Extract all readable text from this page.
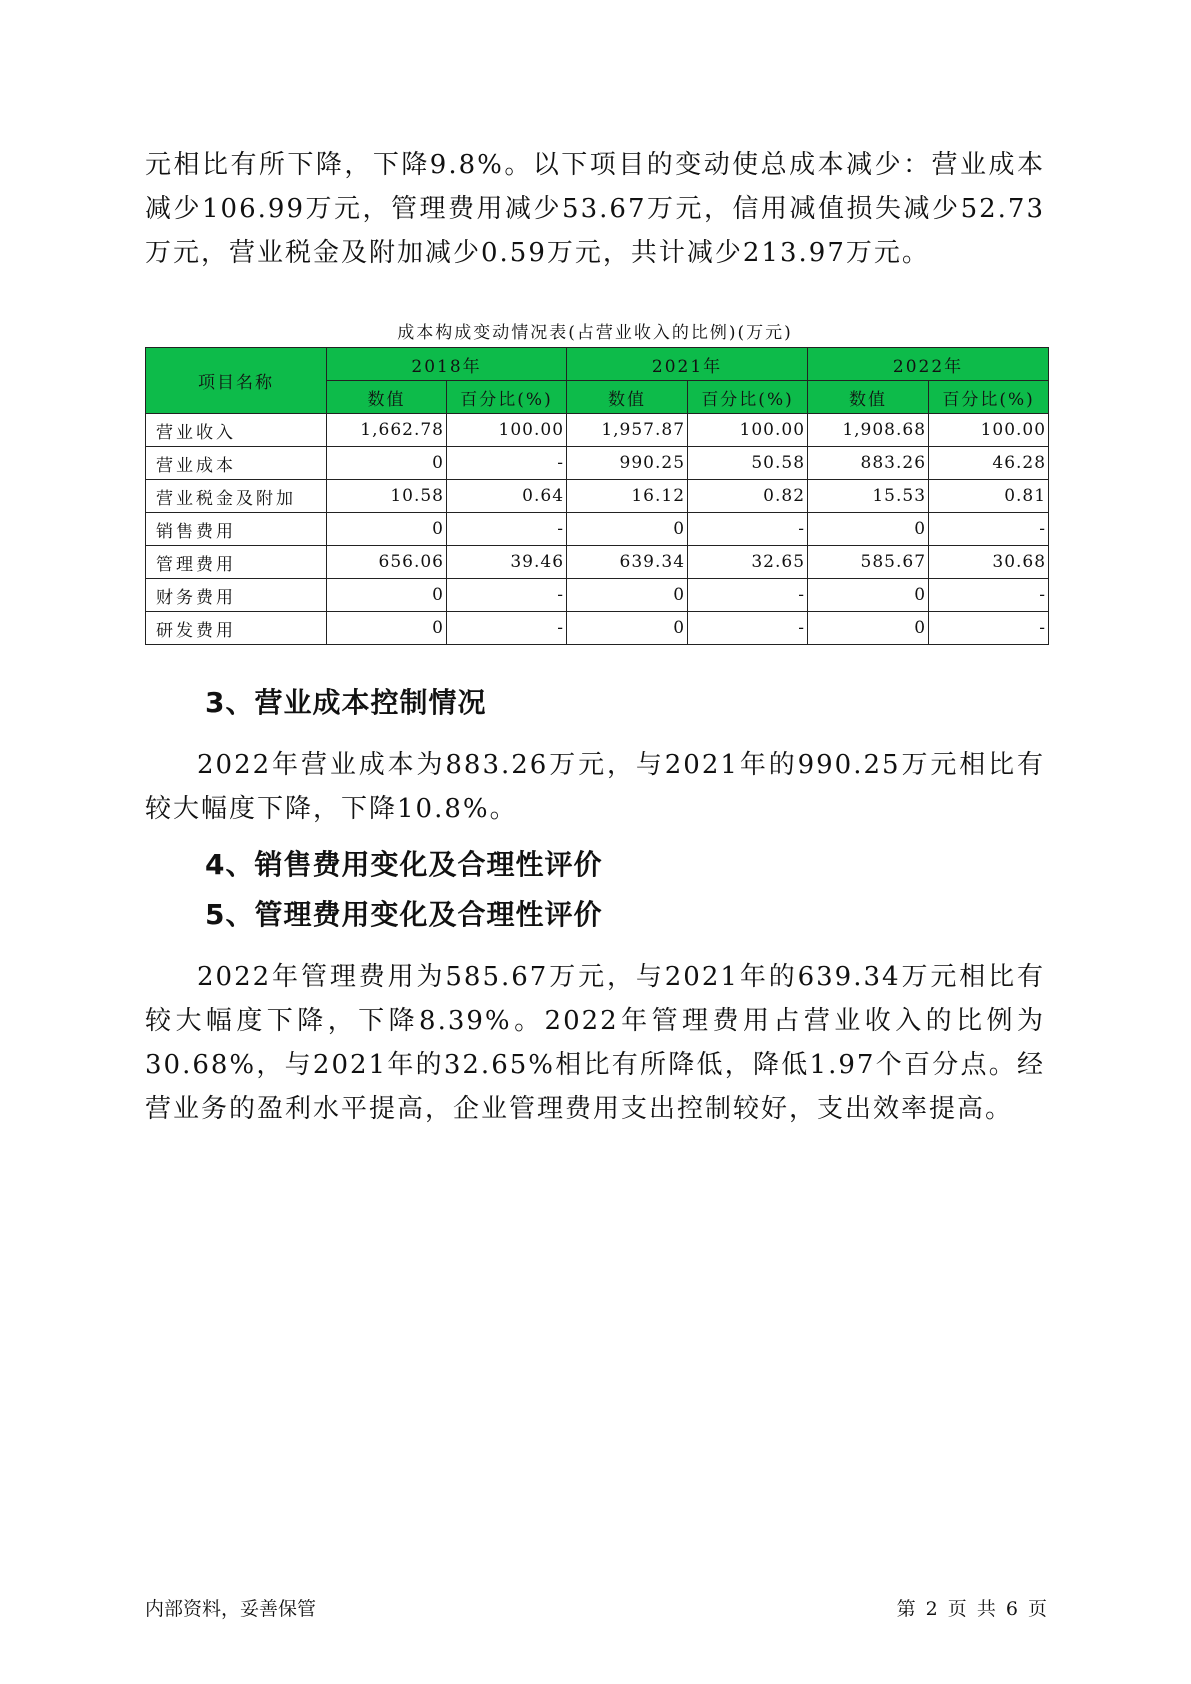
元相比有所下降，下降9.8%。以下项目的变动使总成本减少：营业成本减少106.99万元，管理费用减少53.67万元，信用减值损失减少52.73万元，营业税金及附加减少0.59万元，共计减少213.97万元。

成本构成变动情况表(占营业收入的比例)(万元)
项目名称	2018年		2021年		2022年	
	数值	百分比(%)	数值	百分比(%)	数值	百分比(%)
营业收入	1,662.78	100.00	1,957.87	100.00	1,908.68	100.00
营业成本	0	-	990.25	50.58	883.26	46.28
营业税金及附加	10.58	0.64	16.12	0.82	15.53	0.81
销售费用	0	-	0	-	0	-
管理费用	656.06	39.46	639.34	32.65	585.67	30.68
财务费用	0	-	0	-	0	-
研发费用	0	-	0	-	0	-
3、营业成本控制情况

2022年营业成本为883.26万元，与2021年的990.25万元相比有较大幅度下降，下降10.8%。

4、销售费用变化及合理性评价
5、管理费用变化及合理性评价

2022年管理费用为585.67万元，与2021年的639.34万元相比有较大幅度下降，下降8.39%。2022年管理费用占营业收入的比例为30.68%，与2021年的32.65%相比有所降低，降低1.97个百分点。经营业务的盈利水平提高，企业管理费用支出控制较好，支出效率提高。

内部资料，妥善保管	第 2 页 共 6 页
